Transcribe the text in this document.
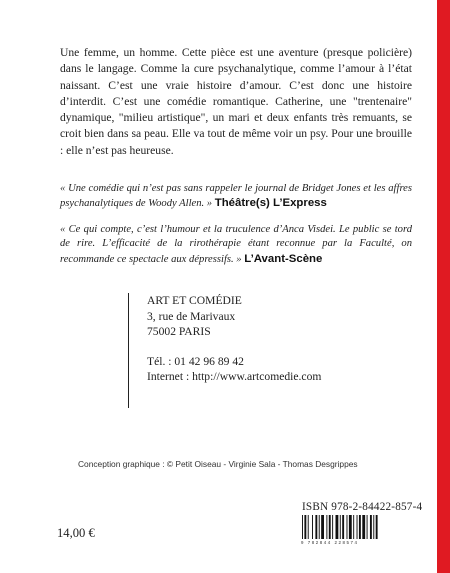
Une femme, un homme. Cette pièce est une aventure (presque policière) dans le langage. Comme la cure psychanalytique, comme l’amour à l’état naissant. C’est une vraie histoire d’amour. C’est donc une histoire d’interdit. C’est une comédie romantique. Catherine, une "trentenaire" dynamique, "milieu artistique", un mari et deux enfants très remuants, se croit bien dans sa peau. Elle va tout de même voir un psy. Pour une brouille : elle n’est pas heureuse.

« Une comédie qui n’est pas sans rappeler le journal de Bridget Jones et les affres psychanalytiques de Woody Allen. » Théâtre(s) L’Express

« Ce qui compte, c’est l’humour et la truculence d’Anca Visdei. Le public se tord de rire. L’efficacité de la rirothérapie étant reconnue par la Faculté, on recommande ce spectacle aux dépressifs. » L’Avant-Scène

ART ET COMÉDIE
3, rue de Marivaux
75002 PARIS
Tél. : 01 42 96 89 42
Internet : http://www.artcomedie.com
Conception graphique : © Petit Oiseau - Virginie Sala - Thomas Desgrippes
ISBN 978-2-84422-857-4
9 782844 228574
14,00 €
